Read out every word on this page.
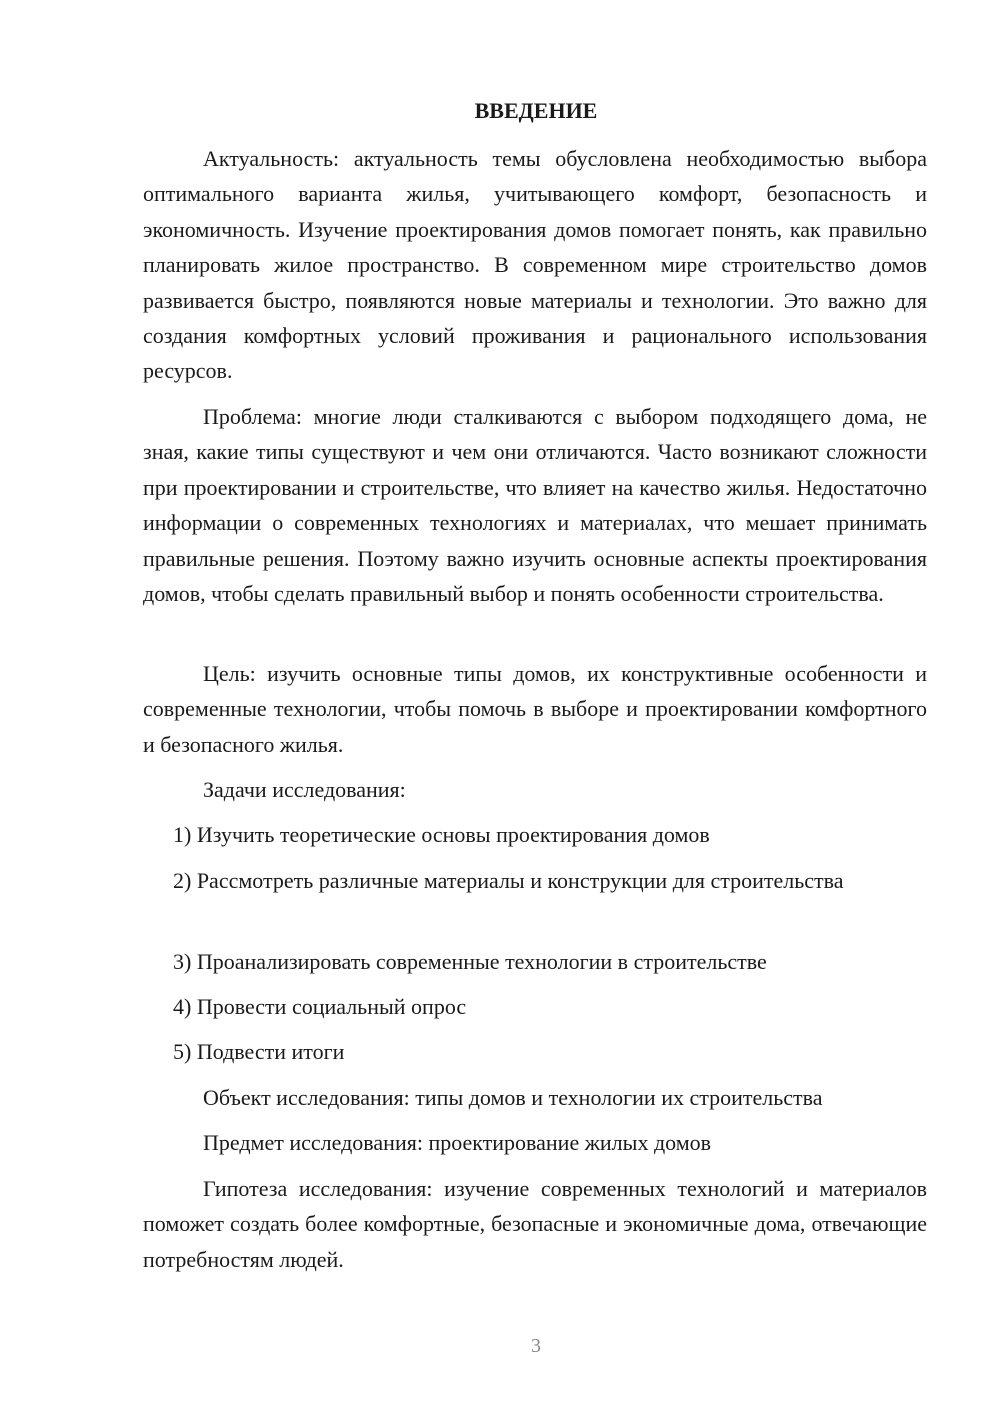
ВВЕДЕНИЕ

Актуальность: актуальность темы обусловлена необходимостью выбора оптимального варианта жилья, учитывающего комфорт, безопасность и экономичность. Изучение проектирования домов помогает понять, как правильно планировать жилое пространство. В современном мире строительство домов развивается быстро, появляются новые материалы и технологии. Это важно для создания комфортных условий проживания и рационального использования ресурсов.

Проблема: многие люди сталкиваются с выбором подходящего дома, не зная, какие типы существуют и чем они отличаются. Часто возникают сложности при проектировании и строительстве, что влияет на качество жилья. Недостаточно информации о современных технологиях и материалах, что мешает принимать правильные решения. Поэтому важно изучить основные аспекты проектирования домов, чтобы сделать правильный выбор и понять особенности строительства.

Цель: изучить основные типы домов, их конструктивные особенности и современные технологии, чтобы помочь в выборе и проектировании комфортного и безопасного жилья.

Задачи исследования:

1) Изучить теоретические основы проектирования домов

2) Рассмотреть различные материалы и конструкции для строительства

3) Проанализировать современные технологии в строительстве

4) Провести социальный опрос

5) Подвести итоги

Объект исследования: типы домов и технологии их строительства

Предмет исследования: проектирование жилых домов

Гипотеза исследования: изучение современных технологий и материалов поможет создать более комфортные, безопасные и экономичные дома, отвечающие потребностям людей.

3
